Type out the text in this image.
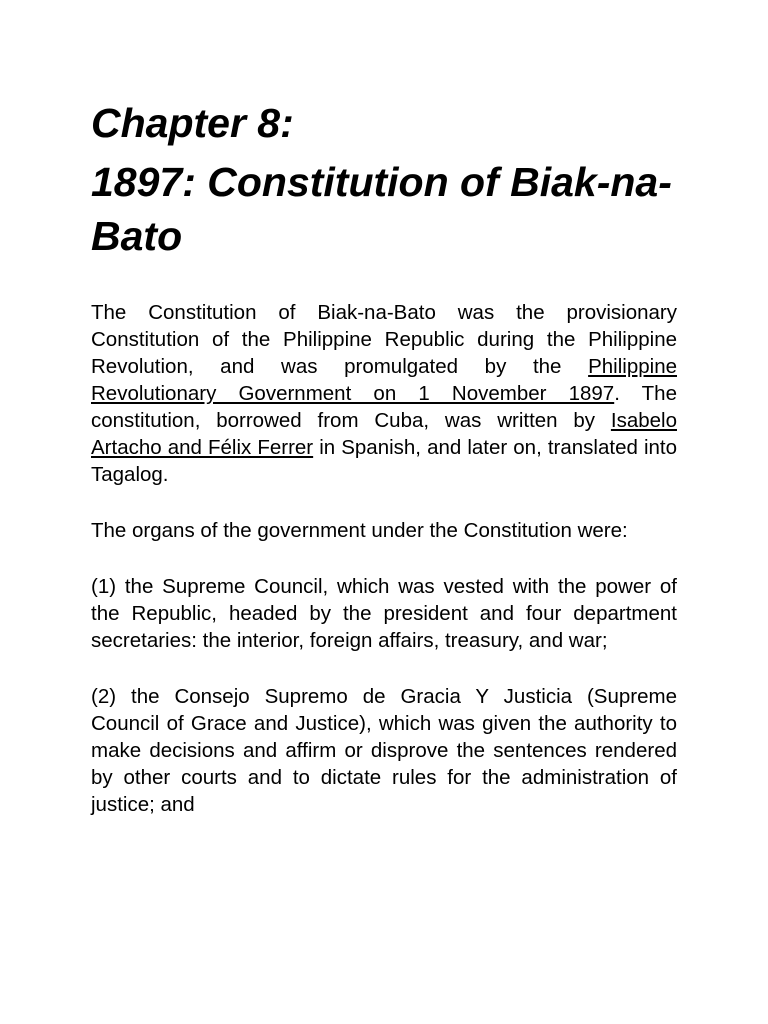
Chapter 8:
1897: Constitution of Biak-na-Bato

The Constitution of Biak-na-Bato was the provisionary Constitution of the Philippine Republic during the Philippine Revolution, and was promulgated by the Philippine Revolutionary Government on 1 November 1897. The constitution, borrowed from Cuba, was written by Isabelo Artacho and Félix Ferrer in Spanish, and later on, translated into Tagalog.

The organs of the government under the Constitution were:

(1) the Supreme Council, which was vested with the power of the Republic, headed by the president and four department secretaries: the interior, foreign affairs, treasury, and war;

(2) the Consejo Supremo de Gracia Y Justicia (Supreme Council of Grace and Justice), which was given the authority to make decisions and affirm or disprove the sentences rendered by other courts and to dictate rules for the administration of justice; and
